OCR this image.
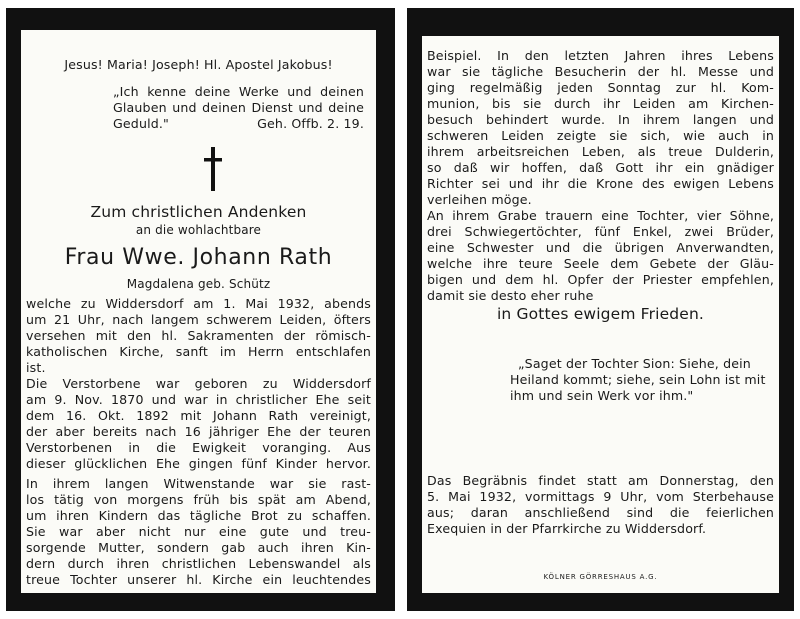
Jesus! Maria! Joseph! Hl. Apostel Jakobus!
„Ich kenne deine Werke und deinen
Glauben und deinen Dienst und deine
Geduld."	Geh. Offb. 2. 19.
Zum christlichen Andenken
an die wohlachtbare
Frau Wwe. Johann Rath
Magdalena geb. Schütz
welche zu Widdersdorf am 1. Mai 1932, abends
um 21 Uhr, nach langem schwerem Leiden, öfters
versehen mit den hl. Sakramenten der römisch-
katholischen Kirche, sanft im Herrn entschlafen
ist.
Die Verstorbene war geboren zu Widdersdorf
am 9. Nov. 1870 und war in christlicher Ehe seit
dem 16. Okt. 1892 mit Johann Rath vereinigt,
der aber bereits nach 16 jähriger Ehe der teuren
Verstorbenen in die Ewigkeit voranging. Aus
dieser glücklichen Ehe gingen fünf Kinder hervor.
In ihrem langen Witwenstande war sie rast-
los tätig von morgens früh bis spät am Abend,
um ihren Kindern das tägliche Brot zu schaffen.
Sie war aber nicht nur eine gute und treu-
sorgende Mutter, sondern gab auch ihren Kin-
dern durch ihren christlichen Lebenswandel als
treue Tochter unserer hl. Kirche ein leuchtendes
Beispiel. In den letzten Jahren ihres Lebens
war sie tägliche Besucherin der hl. Messe und
ging regelmäßig jeden Sonntag zur hl. Kom-
munion, bis sie durch ihr Leiden am Kirchen-
besuch behindert wurde. In ihrem langen und
schweren Leiden zeigte sie sich, wie auch in
ihrem arbeitsreichen Leben, als treue Dulderin,
so daß wir hoffen, daß Gott ihr ein gnädiger
Richter sei und ihr die Krone des ewigen Lebens
verleihen möge.
An ihrem Grabe trauern eine Tochter, vier Söhne,
drei Schwiegertöchter, fünf Enkel, zwei Brüder,
eine Schwester und die übrigen Anverwandten,
welche ihre teure Seele dem Gebete der Gläu-
bigen und dem hl. Opfer der Priester empfehlen,
damit sie desto eher ruhe
in Gottes ewigem Frieden.
„Saget der Tochter Sion: Siehe, dein
Heiland kommt; siehe, sein Lohn ist mit
ihm und sein Werk vor ihm."
Das Begräbnis findet statt am Donnerstag, den
5. Mai 1932, vormittags 9 Uhr, vom Sterbehause
aus; daran anschließend sind die feierlichen
Exequien in der Pfarrkirche zu Widdersdorf.
KÖLNER GÖRRESHAUS A.G.
